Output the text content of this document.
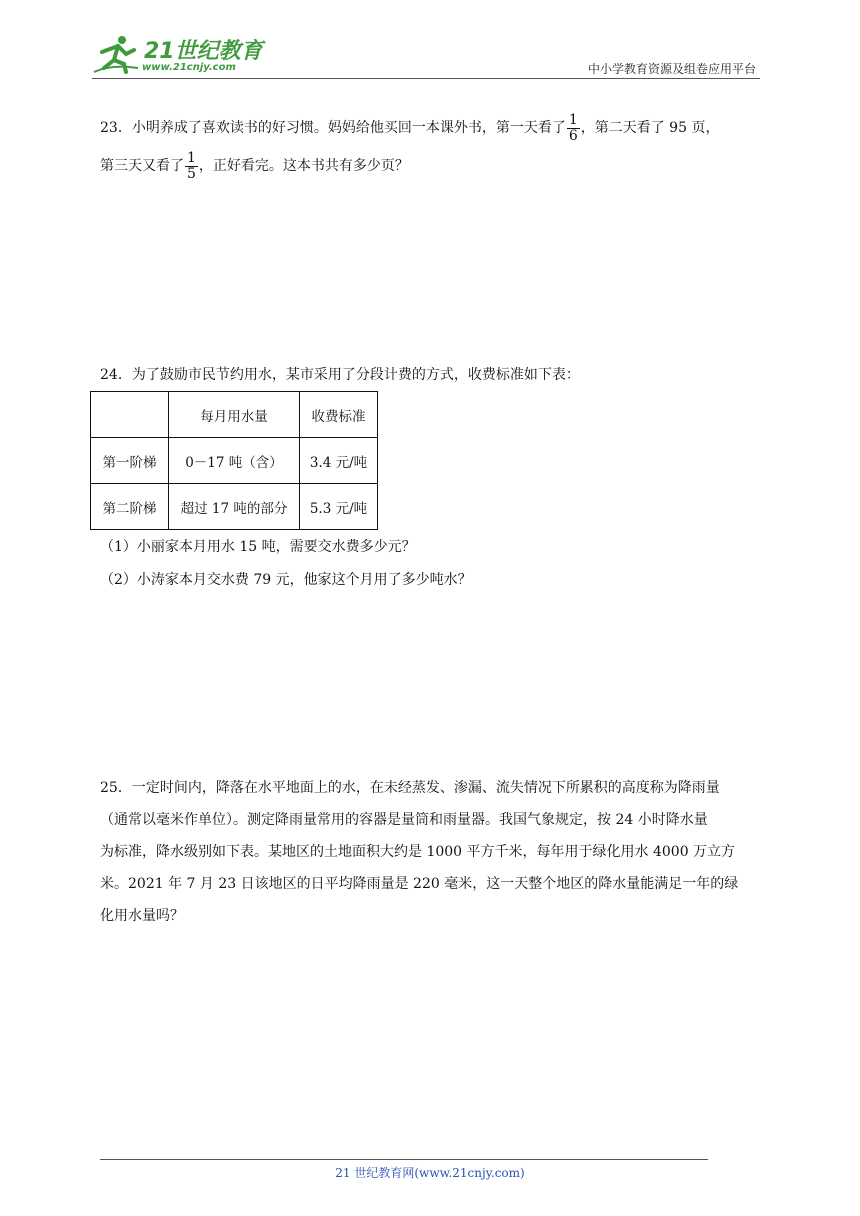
21世纪教育
www.21cnjy.com	中小学教育资源及组卷应用平台
23．小明养成了喜欢读书的好习惯。妈妈给他买回一本课外书，第一天看了 $\frac{1}{6}$ ，第二天看了 95 页，
第三天又看了 $\frac{1}{5}$ ，正好看完。这本书共有多少页？
24．为了鼓励市民节约用水，某市采用了分段计费的方式，收费标准如下表：
	每月用水量	收费标准
第一阶梯	0－17 吨（含）	3.4 元/吨
第二阶梯	超过 17 吨的部分	5.3 元/吨
（1）小丽家本月用水 15 吨，需要交水费多少元？
（2）小涛家本月交水费 79 元，他家这个月用了多少吨水？
25．一定时间内，降落在水平地面上的水，在未经蒸发、渗漏、流失情况下所累积的高度称为降雨量
（通常以毫米作单位）。测定降雨量常用的容器是量筒和雨量器。我国气象规定，按 24 小时降水量
为标准，降水级别如下表。某地区的土地面积大约是 1000 平方千米，每年用于绿化用水 4000 万立方
米。2021 年 7 月 23 日该地区的日平均降雨量是 220 毫米，这一天整个地区的降水量能满足一年的绿
化用水量吗？
21 世纪教育网(www.21cnjy.com)
